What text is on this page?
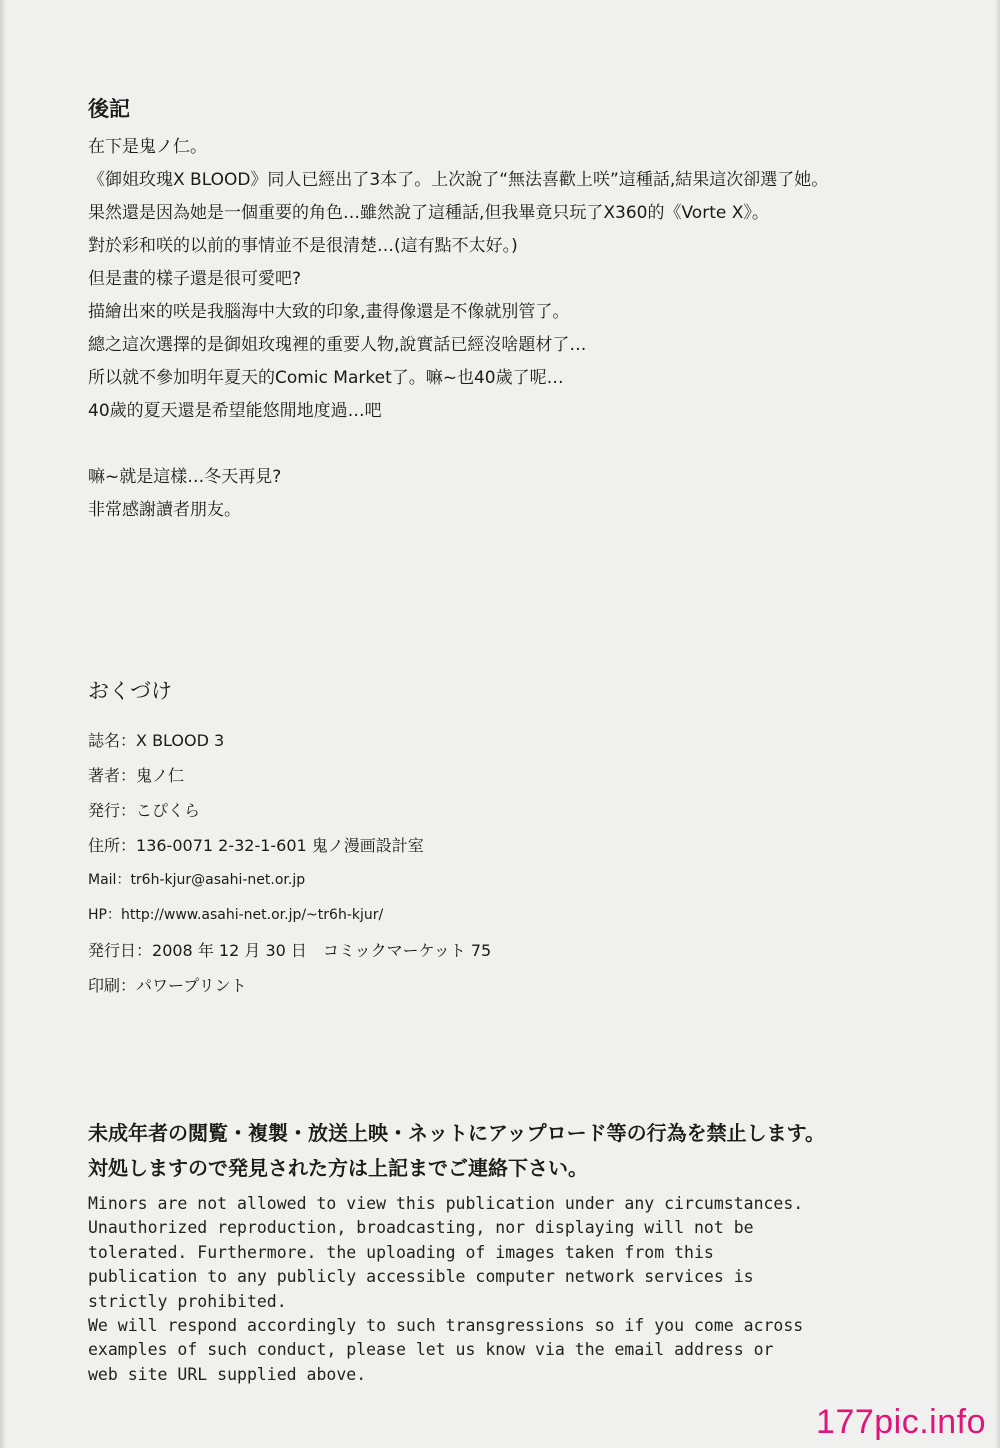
後記
在下是鬼ノ仁。
《御姐玫瑰X BLOOD》同人已經出了3本了。上次說了“無法喜歡上咲”這種話,結果這次卻選了她。
果然還是因為她是一個重要的角色…雖然說了這種話,但我畢竟只玩了X360的《Vorte X》。
對於彩和咲的以前的事情並不是很清楚…(這有點不太好。)
但是畫的樣子還是很可愛吧?
描繪出來的咲是我腦海中大致的印象,畫得像還是不像就別管了。
總之這次選擇的是御姐玫瑰裡的重要人物,說實話已經沒啥題材了…
所以就不參加明年夏天的Comic Market了。嘛~也40歲了呢…
40歲的夏天還是希望能悠閒地度過…吧
嘛~就是這樣…冬天再見?
非常感謝讀者朋友。
おくづけ
誌名：X BLOOD 3
著者：鬼ノ仁
発行：こぴくら
住所：136-0071 2-32-1-601 鬼ノ漫画設計室
Mail：tr6h-kjur@asahi-net.or.jp
HP：http://www.asahi-net.or.jp/~tr6h-kjur/
発行日：2008 年 12 月 30 日　コミックマーケット 75
印刷：パワープリント
未成年者の閲覧・複製・放送上映・ネットにアップロード等の行為を禁止します。
対処しますので発見された方は上記までご連絡下さい。
Minors are not allowed to view this publication under any circumstances.
Unauthorized reproduction, broadcasting, nor displaying will not be
tolerated. Furthermore. the uploading of images taken from this
publication to any publicly accessible computer network services is
strictly prohibited.
We will respond accordingly to such transgressions so if you come across
examples of such conduct, please let us know via the email address or
web site URL supplied above.
177pic.info
